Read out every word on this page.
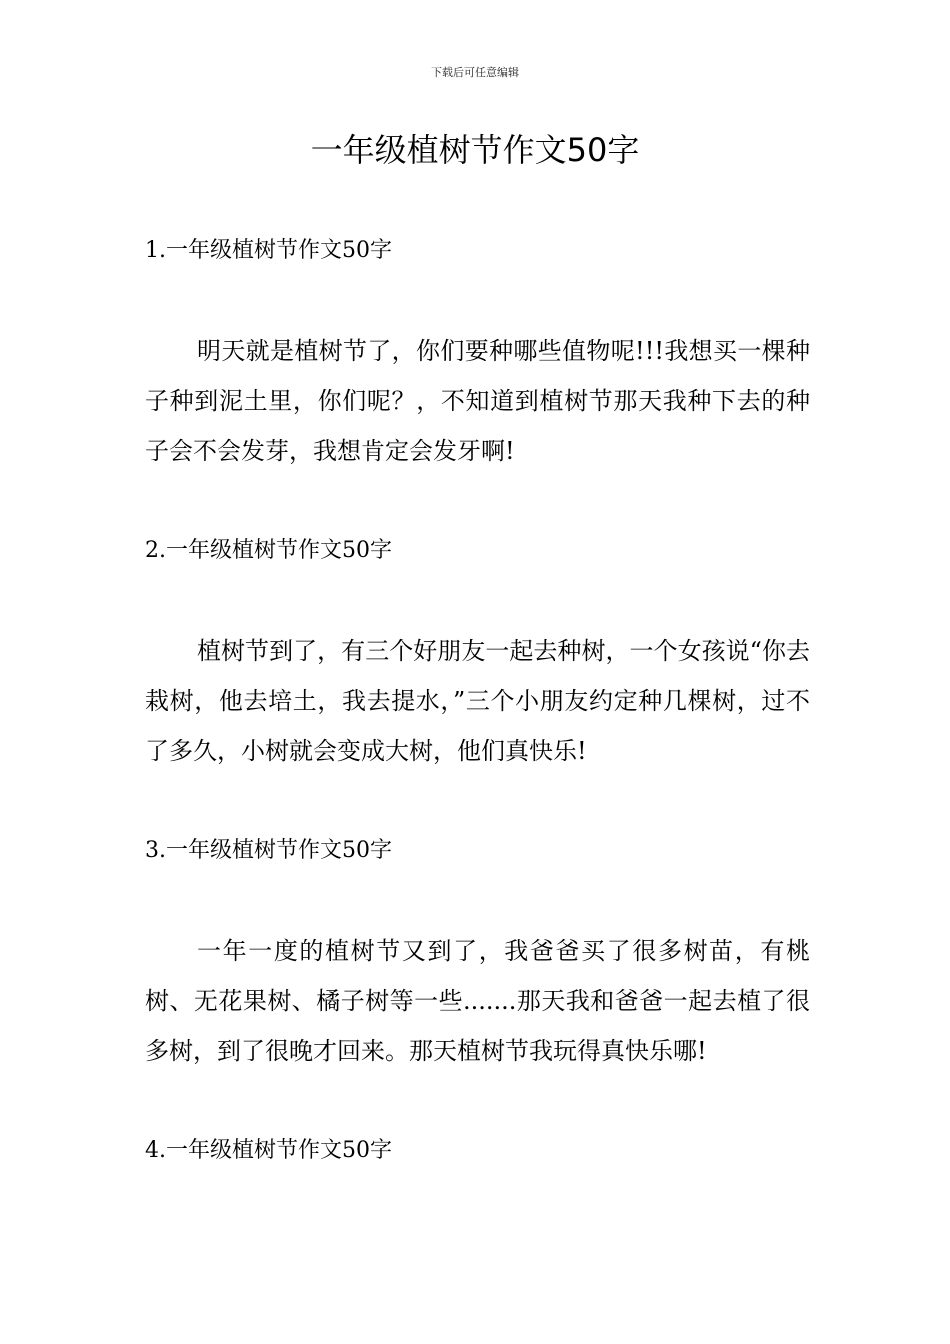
下载后可任意编辑
一年级植树节作文50字
1.一年级植树节作文50字

明天就是植树节了，你们要种哪些值物呢!!!我想买一棵种子种到泥土里，你们呢？，不知道到植树节那天我种下去的种子会不会发芽，我想肯定会发牙啊!

2.一年级植树节作文50字

植树节到了，有三个好朋友一起去种树，一个女孩说“你去栽树，他去培土，我去提水，”三个小朋友约定种几棵树，过不了多久，小树就会变成大树，他们真快乐!

3.一年级植树节作文50字

一年一度的植树节又到了，我爸爸买了很多树苗，有桃树、无花果树、橘子树等一些.......那天我和爸爸一起去植了很多树，到了很晚才回来。那天植树节我玩得真快乐哪!

4.一年级植树节作文50字
